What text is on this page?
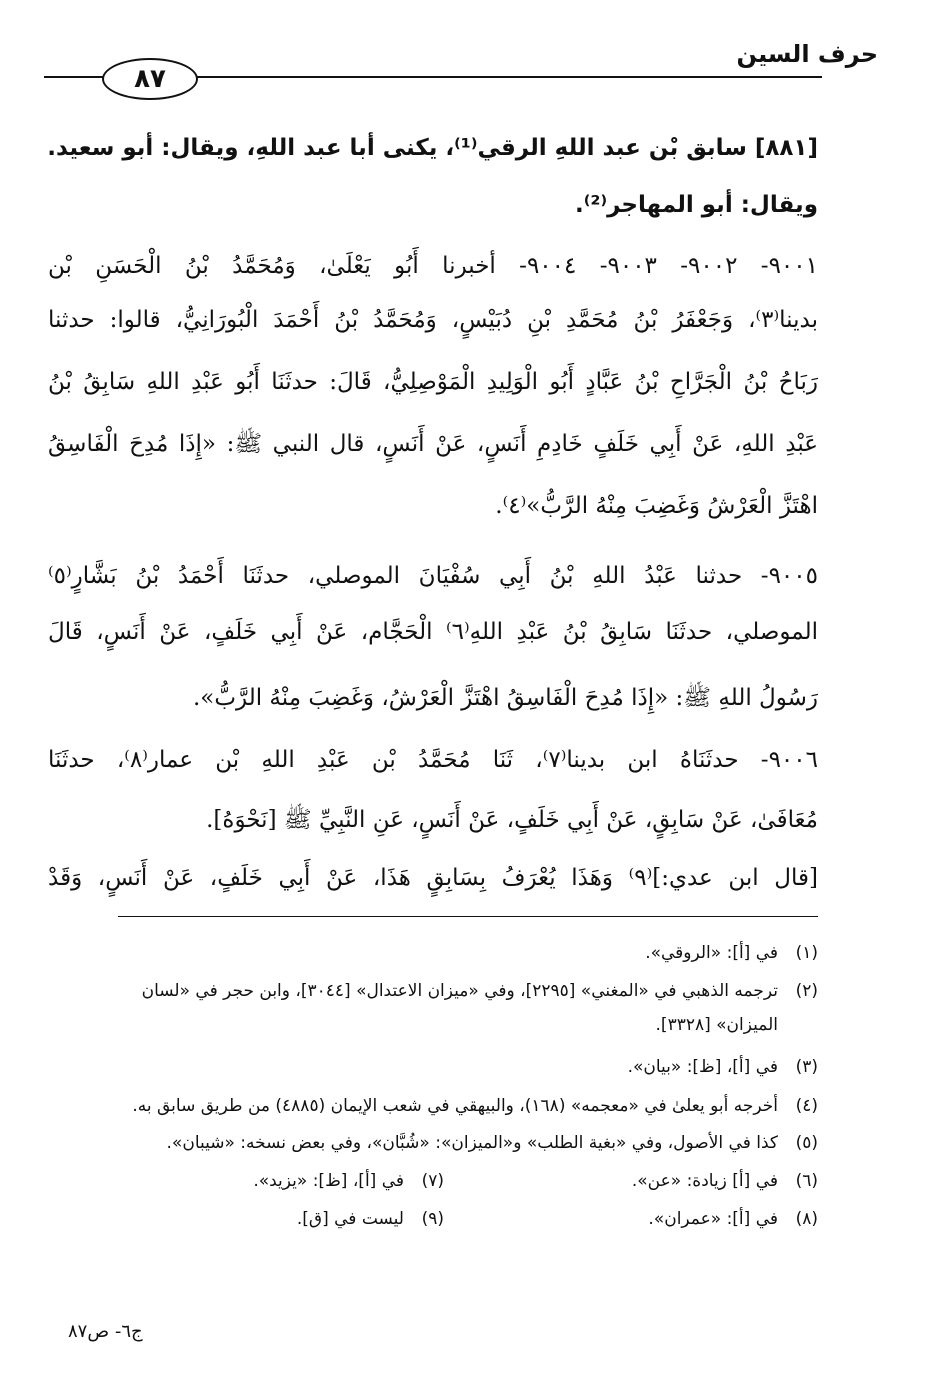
حرف السين
٨٧
[٨٨١] سابق بْن عبد اللهِ الرقي⁽¹⁾، يكنى أبا عبد اللهِ، ويقال: أبو سعيد.
ويقال: أبو المهاجر⁽²⁾.
٩٠٠١- ٩٠٠٢- ٩٠٠٣- ٩٠٠٤- أخبرنا أَبُو يَعْلَىٰ، وَمُحَمَّدُ بْنُ الْحَسَنِ بْن
بدينا⁽٣⁾، وَجَعْفَرُ بْنُ مُحَمَّدِ بْنِ دُبَيْسٍ، وَمُحَمَّدُ بْنُ أَحْمَدَ الْبُورَانِيُّ، قالوا: حدثنا
رَبَاحُ بْنُ الْجَرَّاحِ بْنُ عَبَّادٍ أَبُو الْوَلِيدِ الْمَوْصِلِيُّ، قَالَ: حدثَنَا أَبُو عَبْدِ اللهِ سَابِقُ بْنُ
عَبْدِ اللهِ، عَنْ أَبِي خَلَفٍ خَادِمِ أَنَسٍ، عَنْ أَنَسٍ، قال النبي ﷺ: «إِذَا مُدِحَ الْفَاسِقُ
اهْتَزَّ الْعَرْشُ وَغَضِبَ مِنْهُ الرَّبُّ»⁽٤⁾.
٩٠٠٥- حدثنا عَبْدُ اللهِ بْنُ أَبِي سُفْيَانَ الموصلي، حدثَنَا أَحْمَدُ بْنُ بَشَّارٍ⁽٥⁾
الموصلي، حدثَنَا سَابِقُ بْنُ عَبْدِ اللهِ⁽٦⁾ الْحَجَّام، عَنْ أَبِي خَلَفٍ، عَنْ أَنَسٍ، قَالَ
رَسُولُ اللهِ ﷺ: «إِذَا مُدِحَ الْفَاسِقُ اهْتَزَّ الْعَرْشُ، وَغَضِبَ مِنْهُ الرَّبُّ».
٩٠٠٦- حدثَنَاهُ ابن بدينا⁽٧⁾، ثَنَا مُحَمَّدُ بْن عَبْدِ اللهِ بْن عمار⁽٨⁾، حدثَنَا
مُعَافَىٰ، عَنْ سَابِقٍ، عَنْ أَبِي خَلَفٍ، عَنْ أَنَسٍ، عَنِ النَّبِيِّ ﷺ [نَحْوَهُ].
[قال ابن عدي:]⁽٩⁾ وَهَذَا يُعْرَفُ بِسَابِقٍ هَذَا، عَنْ أَبِي خَلَفٍ، عَنْ أَنَسٍ، وَقَدْ
(١)في [أ]: «الروقي».
(٢)ترجمه الذهبي في «المغني» [٢٢٩٥]، وفي «ميزان الاعتدال» [٣٠٤٤]، وابن حجر في «لسان
الميزان» [٣٣٢٨].
(٣)في [أ]، [ظ]: «بيان».
(٤)أخرجه أبو يعلىٰ في «معجمه» (١٦٨)، والبيهقي في شعب الإيمان (٤٨٨٥) من طريق سابق به.
(٥)كذا في الأصول، وفي «بغية الطلب» و«الميزان»: «شُبَّان»، وفي بعض نسخه: «شيبان».
(٦)في [أ] زيادة: «عن».
(٧)في [أ]، [ظ]: «يزيد».
(٨)في [أ]: «عمران».
(٩)ليست في [ق].
ج٦- ص٨٧
